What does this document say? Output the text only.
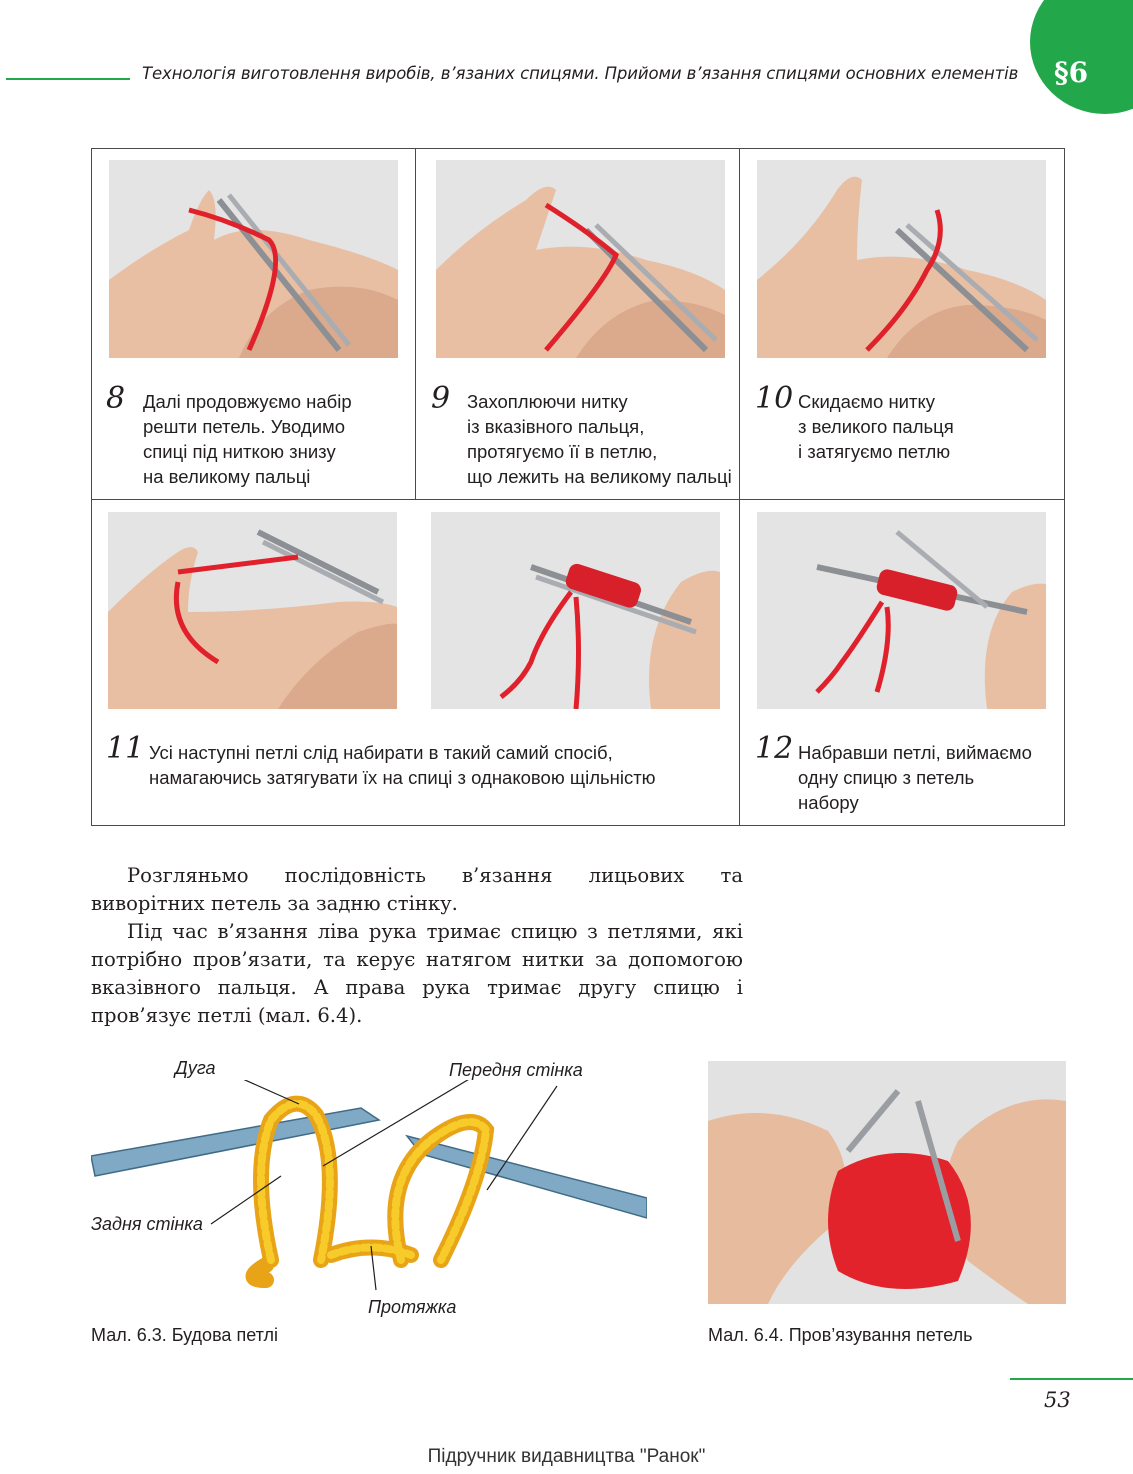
Технологія виготовлення виробів, в’язаних спицями. Прийоми в’язання спицями основних елементів	§6
8 Далі продовжуємо набір
решти петель. Уводимо
спиці під ниткою знизу
на великому пальці
9 Захоплюючи нитку
із вказівного пальця,
протягуємо її в петлю,
що лежить на великому пальці
10 Скидаємо нитку
з великого пальця
і затягуємо петлю
11 Усі наступні петлі слід набирати в такий самий спосіб,
намагаючись затягувати їх на спиці з однаковою щільністю
12 Набравши петлі, виймаємо
одну спицю з петель
набору
Розгляньмо послідовність в’язання лицьових та виворітних петель за задню стінку.
Під час в’язання ліва рука тримає спицю з петлями, які потрібно пров’язати, та керує натягом нитки за допомогою вказівного пальця. А права рука тримає другу спицю і пров’язує петлі (мал. 6.4).
Дуга	Передня стінка
Задня стінка
Протяжка
Мал. 6.3. Будова петлі	Мал. 6.4. Пров’язування петель
53
Підручник видавництва "Ранок"
